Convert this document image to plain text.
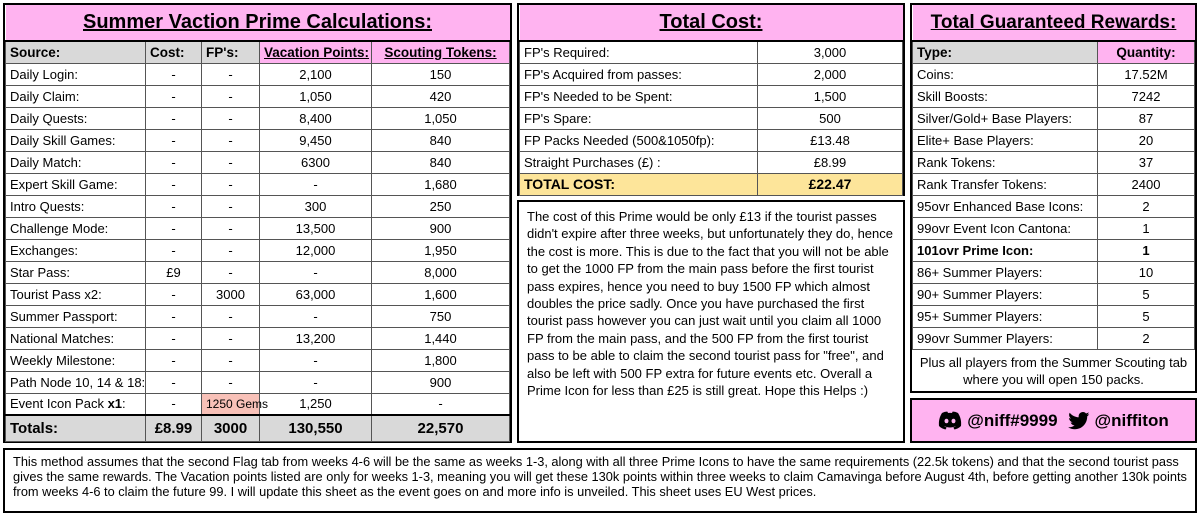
Summer Vaction Prime Calculations:				
Source:	Cost:	FP's:	Vacation Points:	Scouting Tokens:
Daily Login:	-	-	2,100	150
Daily Claim:	-	-	1,050	420
Daily Quests:	-	-	8,400	1,050
Daily Skill Games:	-	-	9,450	840
Daily Match:	-	-	6300	840
Expert Skill Game:	-	-	-	1,680
Intro Quests:	-	-	300	250
Challenge Mode:	-	-	13,500	900
Exchanges:	-	-	12,000	1,950
Star Pass:	£9	-	-	8,000
Tourist Pass x2:	-	3000	63,000	1,600
Summer Passport:	-	-	-	750
National Matches:	-	-	13,200	1,440
Weekly Milestone:	-	-	-	1,800
Path Node 10, 14 & 18:	-	-	-	900
Event Icon Pack x1:	-	1250 Gems	1,250	-
Totals:	£8.99	3000	130,550	22,570
Total Cost:	
FP's Required:	3,000
FP's Acquired from passes:	2,000
FP's Needed to be Spent:	1,500
FP's Spare:	500
FP Packs Needed (500&1050fp):	£13.48
Straight Purchases (£) :	£8.99
TOTAL COST:	£22.47
The cost of this Prime would be only £13 if the tourist passes didn't expire after three weeks, but unfortunately they do, hence the cost is more. This is due to the fact that you will not be able to get the 1000 FP from the main pass before the first tourist pass expires, hence you need to buy 1500 FP which almost doubles the price sadly. Once you have purchased the first tourist pass however you can just wait until you claim all 1000 FP from the main pass, and the 500 FP from the first tourist pass to be able to claim the second tourist pass for "free", and also be left with 500 FP extra for future events etc. Overall a Prime Icon for less than £25 is still great. Hope this Helps :)
Total Guaranteed Rewards:	
Type:	Quantity:
Coins:	17.52M
Skill Boosts:	7242
Silver/Gold+ Base Players:	87
Elite+ Base Players:	20
Rank Tokens:	37
Rank Transfer Tokens:	2400
95ovr Enhanced Base Icons:	2
99ovr Event Icon Cantona:	1
101ovr Prime Icon:	1
86+ Summer Players:	10
90+ Summer Players:	5
95+ Summer Players:	5
99ovr Summer Players:	2
Plus all players from the Summer Scouting tab where you will open 150 packs.	
@niff#9999 @niffiton
This method assumes that the second Flag tab from weeks 4-6 will be the same as weeks 1-3, along with all three Prime Icons to have the same requirements (22.5k tokens) and that the second tourist pass gives the same rewards. The Vacation points listed are only for weeks 1-3, meaning you will get these 130k points within three weeks to claim Camavinga before August 4th, before getting another 130k points from weeks 4-6 to claim the future 99. I will update this sheet as the event goes on and more info is unveiled. This sheet uses EU West prices.
